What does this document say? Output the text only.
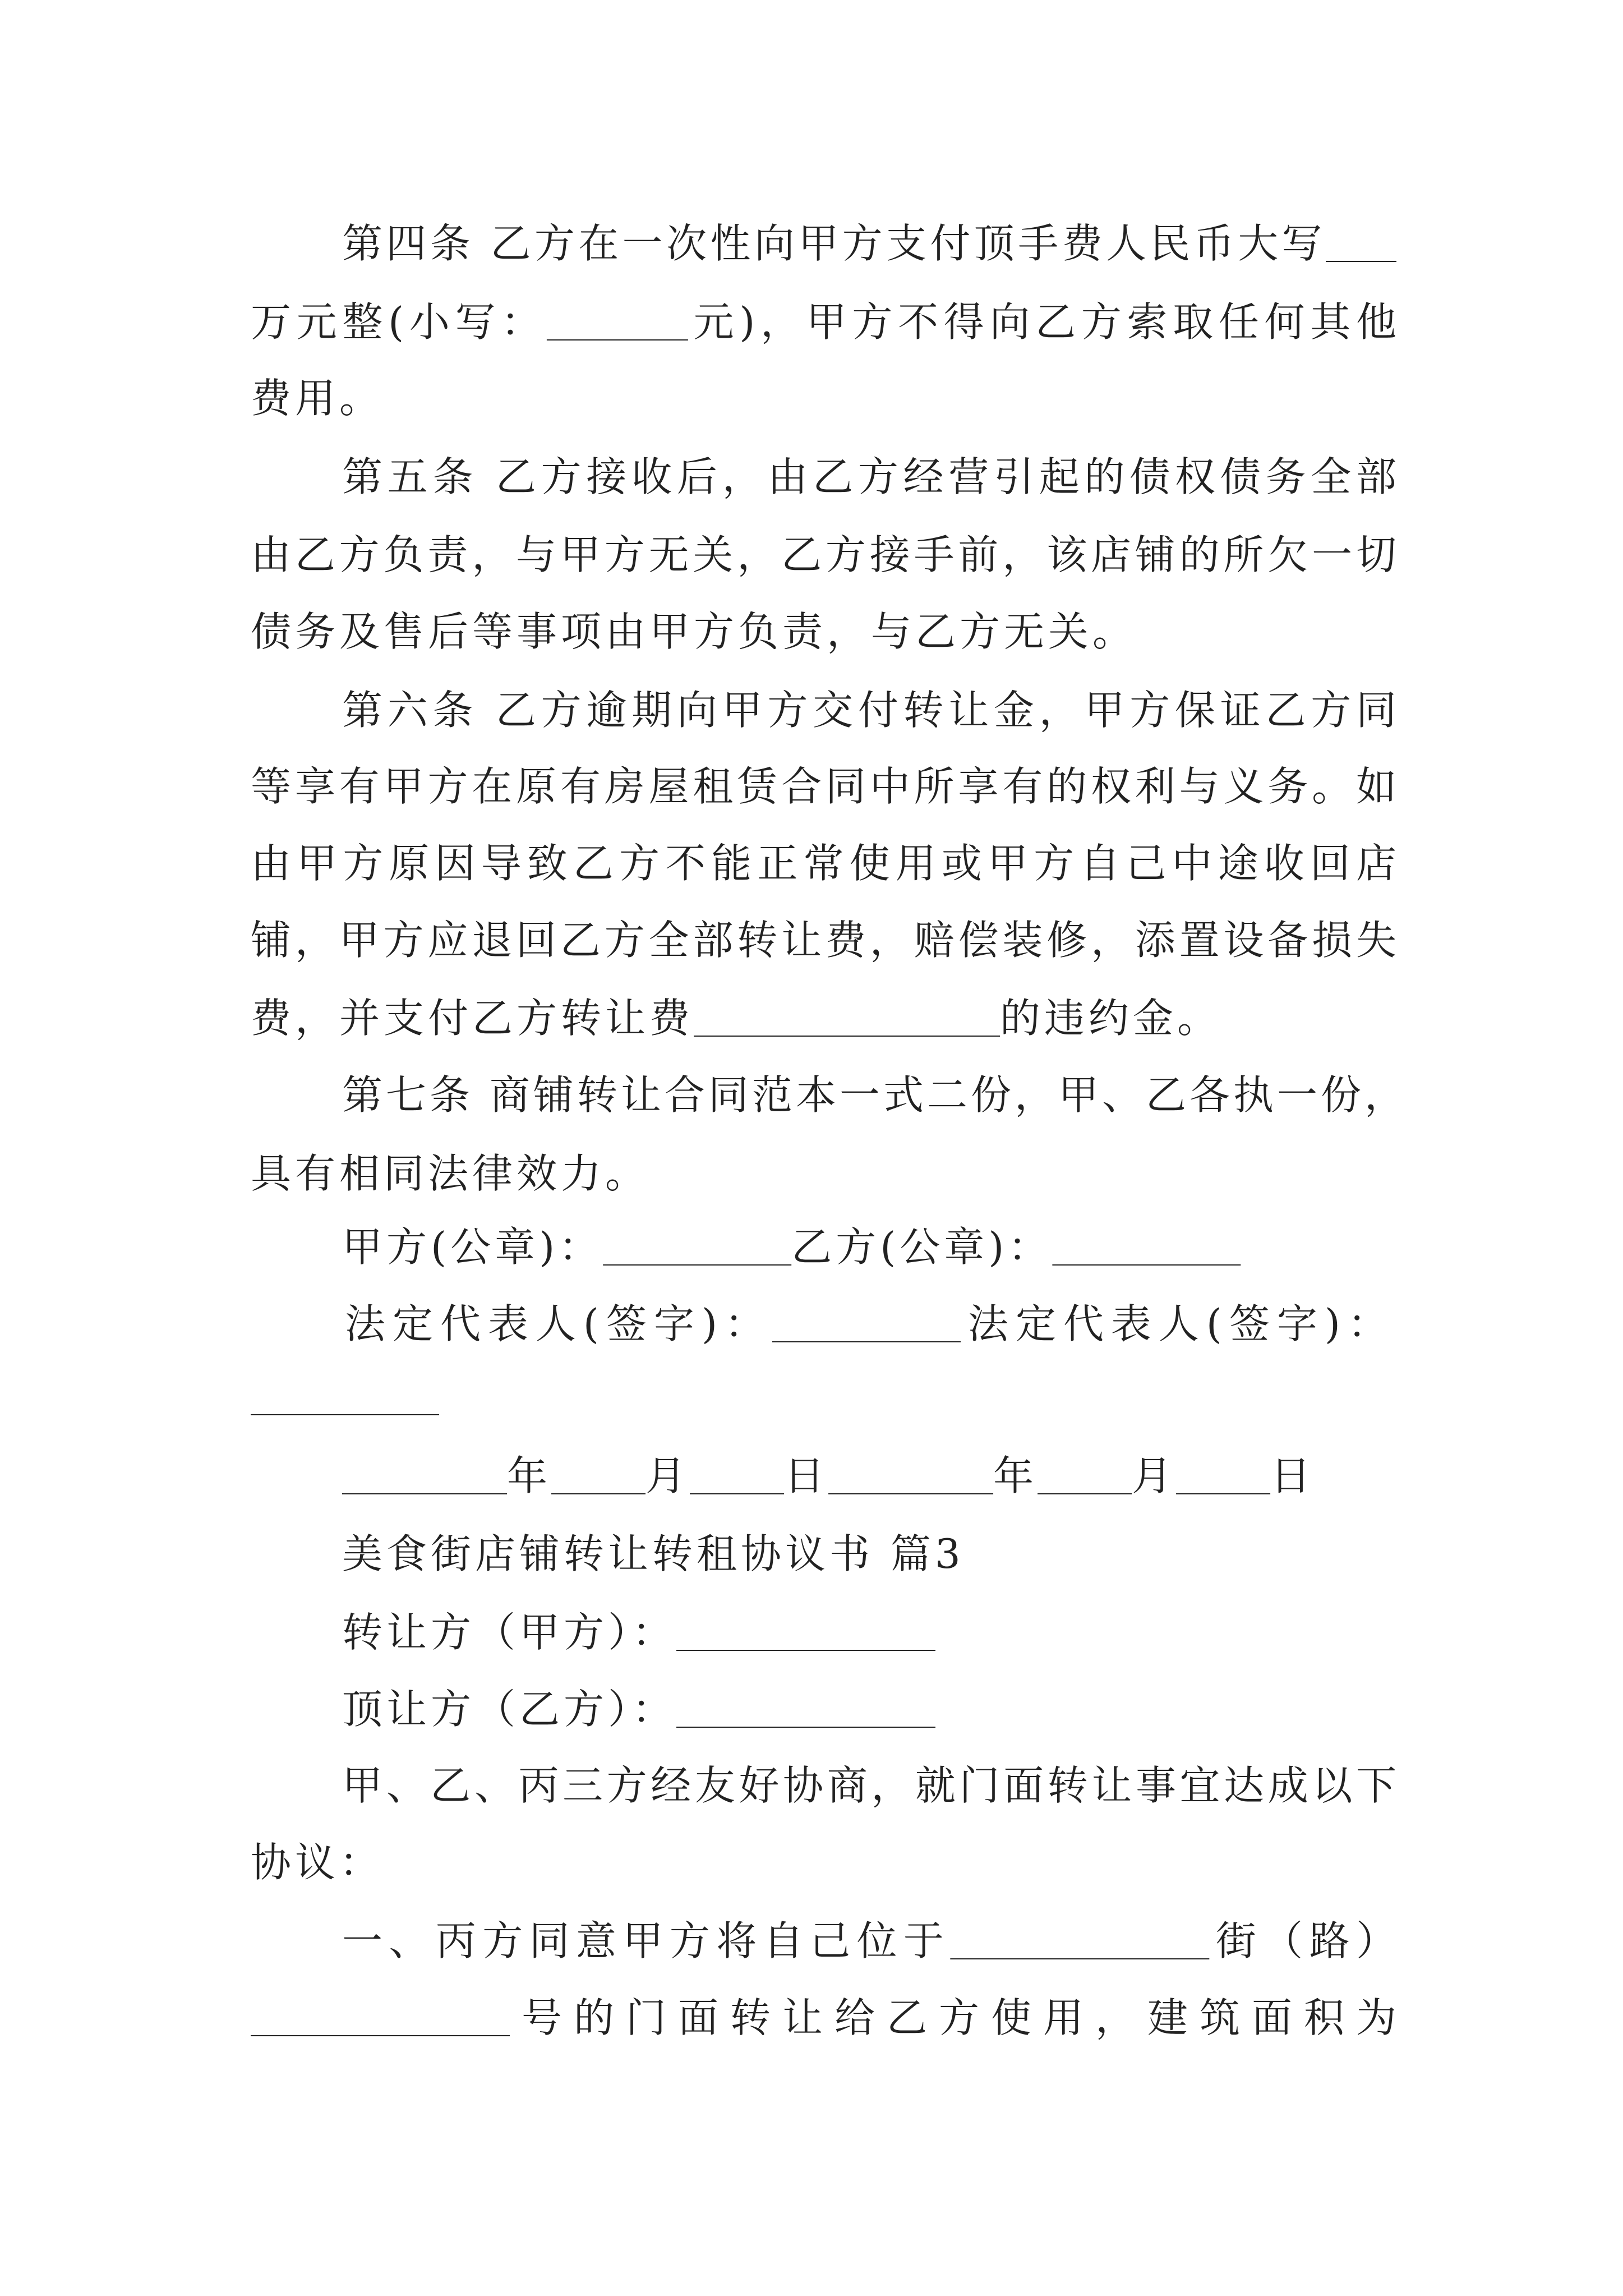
第四条 乙方在一次性向甲方支付顶手费人民币大写
万元整(小写：	元)，甲方不得向乙方索取任何其他
费用。
第五条 乙方接收后，由乙方经营引起的债权债务全部
由乙方负责，与甲方无关，乙方接手前，该店铺的所欠一切
债务及售后等事项由甲方负责，与乙方无关。
第六条 乙方逾期向甲方交付转让金，甲方保证乙方同
等享有甲方在原有房屋租赁合同中所享有的权利与义务。如
由甲方原因导致乙方不能正常使用或甲方自己中途收回店
铺，甲方应退回乙方全部转让费，赔偿装修，添置设备损失
费，并支付乙方转让费	的违约金。
第七条 商铺转让合同范本一式二份，甲、乙各执一份，
具有相同法律效力。
甲方(公章)：	乙方(公章)：
法定代表人(签字)：	法定代表人(签字)：
年 月 日	年 月 日
美食街店铺转让转租协议书 篇3
转让方（甲方）：
顶让方（乙方）：
甲、乙、丙三方经友好协商，就门面转让事宜达成以下
协议：
一、丙方同意甲方将自己位于	街（路）
号的门面转让给乙方使用，建筑面积为
